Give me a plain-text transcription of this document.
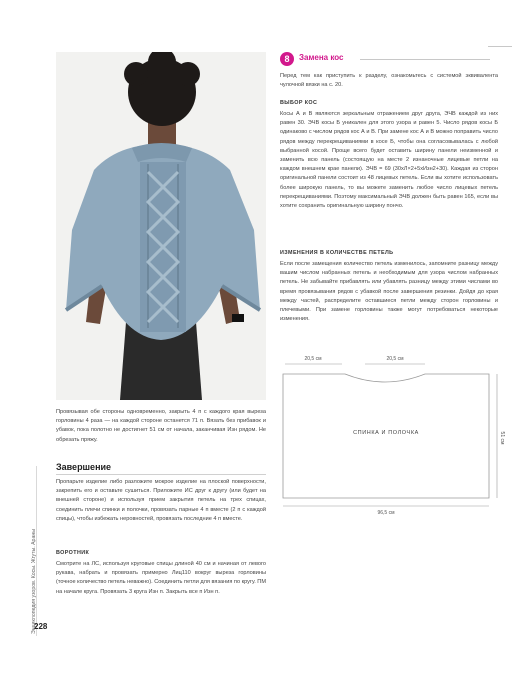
8	Замена кос

Перед тем как приступить к разделу, ознакомьтесь с системой эквивалента чулочной вязки на с. 20.

ВЫБОР КОС

Косы А и В являются зеркальным отражением друг друга, ЭЧВ каждой из них равен 30. ЭЧВ косы Б уникален для этого узора и равен 5. Число рядов косы Б одинаково с числом рядов кос А и В. При замене кос А и В можно поправить число рядов между перекрещиваниями в косе Б, чтобы она согласовывалась с любой выбранной косой. Проще всего будет оставить ширину панели неизменной и заменить всю панель (состоящую на месте 2 изнаночные лицевые петли на каждом внешнем крае панели). ЭЧВ = 69 (30хЛ×2+5хИзн2+30). Каждая из сторон оригинальной панели состоит из 48 лицевых петель. Если вы хотите использовать более широкую панель, то вы можете заменить любое число лицевых петель перекрещиваниями. Поэтому максимальный ЭЧВ должен быть равен 165, если вы хотите сохранить оригинальную ширину пончо.

ИЗМЕНЕНИЯ В КОЛИЧЕСТВЕ ПЕТЕЛЬ

Если после замещения количество петель изменилось, запомните разницу между вашим числом набранных петель и необходимым для узора числом набранных петель. Не забывайте прибавлять или убавлять разницу между этими числами во время провязывания рядов с убавкой после завершения резинки. Дойдя до края между частей, распределите оставшиеся петли между сторон горловины и плечевыми. При замене горловины также могут потребоваться некоторые изменения.

20,5 см	20,5 см
СПИНКА И ПОЛОЧКА	51 см
96,5 см

Провязывая обе стороны одновременно, закрыть 4 п с каждого края выреза горловины 4 раза — на каждой стороне останется 71 п. Вязать без прибавок и убавок, пока полотно не достигнет 51 см от начала, заканчивая Изн рядом. Не обрезать пряжу.

Завершение

Пропарьте изделие либо разложите мокрое изделие на плоской поверхности, закрепить его и оставьте сушиться. Приложите ИС друг к другу (или будет на внешней стороне) и используя прием закрытия петель на трех спицах, соединить плечи спинки и полочки, провязать парные 4 п вместе (2 п с каждой спицы), чтобы избежать неровностей, провязать последние 4 п вместе.

ВОРОТНИК

Смотрите на ЛС, используя круговые спицы длиной 40 см и начиная от левого рукава, набрать и провязать примерно Лиц110 вокруг выреза горловины (точное количество петель неважно). Соединить петли для вязания по кругу. ПМ на начале круга. Провязать 3 круга Изн п. Закрыть все п Изн п.

Энциклопедия узоров. Косы. Жгуты. Араны
228
